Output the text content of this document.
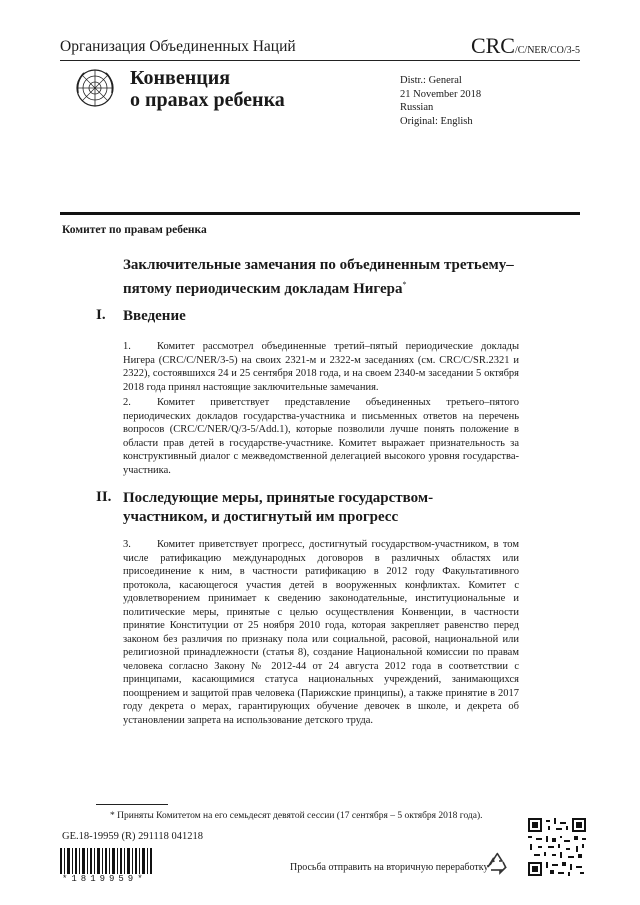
Организация Объединенных Наций	CRC/C/NER/CO/3-5
Конвенция
о правах ребенка
Distr.: General
21 November 2018
Russian
Original: English
Комитет по правам ребенка
Заключительные замечания по объединенным третьему–пятому периодическим докладам Нигера*
I. Введение
1. Комитет рассмотрел объединенные третий–пятый периодические доклады Нигера (CRC/C/NER/3-5) на своих 2321-м и 2322-м заседаниях (см. CRC/C/SR.2321 и 2322), состоявшихся 24 и 25 сентября 2018 года, и на своем 2340-м заседании 5 октября 2018 года принял настоящие заключительные замечания.
2. Комитет приветствует представление объединенных третьего–пятого периодических докладов государства-участника и письменных ответов на перечень вопросов (CRC/C/NER/Q/3-5/Add.1), которые позволили лучше понять положение в области прав детей в государстве-участнике. Комитет выражает признательность за конструктивный диалог с межведомственной делегацией высокого уровня государства-участника.
II. Последующие меры, принятые государством-участником, и достигнутый им прогресс
3. Комитет приветствует прогресс, достигнутый государством-участником, в том числе ратификацию международных договоров в различных областях или присоединение к ним, в частности ратификацию в 2012 году Факультативного протокола, касающегося участия детей в вооруженных конфликтах. Комитет с удовлетворением принимает к сведению законодательные, институциональные и политические меры, принятые с целью осуществления Конвенции, в частности принятие Конституции от 25 ноября 2010 года, которая закрепляет равенство перед законом без различия по признаку пола или социальной, расовой, национальной или религиозной принадлежности (статья 8), создание Национальной комиссии по правам человека согласно Закону № 2012-44 от 24 августа 2012 года в соответствии с принципами, касающимися статуса национальных учреждений, занимающихся поощрением и защитой прав человека (Парижские принципы), а также принятие в 2017 году декрета о мерах, гарантирующих обучение девочек в школе, и декрета об установлении запрета на использование детского труда.
* Приняты Комитетом на его семьдесят девятой сессии (17 сентября – 5 октября 2018 года).
GE.18-19959 (R) 291118 041218
*1819959*
Просьба отправить на вторичную переработку
